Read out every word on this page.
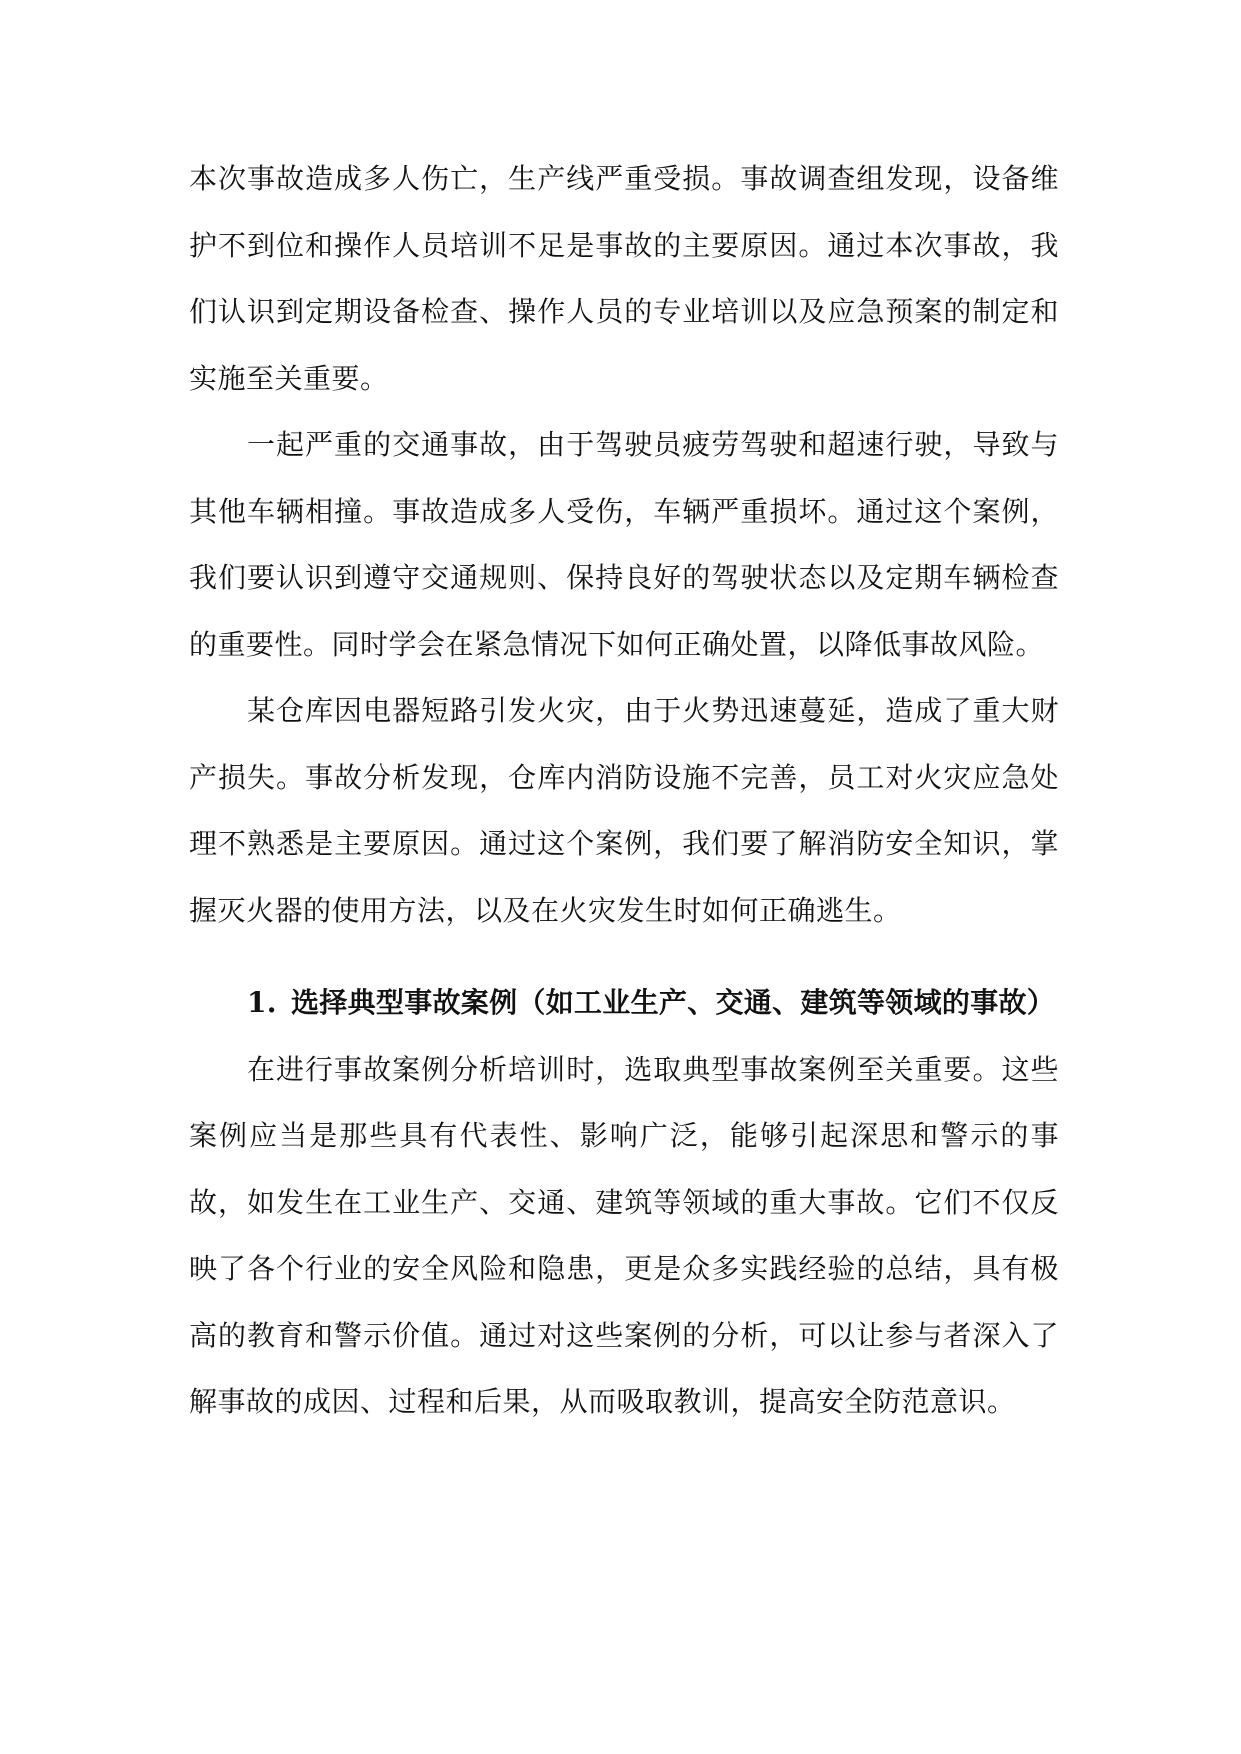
本次事故造成多人伤亡，生产线严重受损。事故调查组发现，设备维护不到位和操作人员培训不足是事故的主要原因。通过本次事故，我们认识到定期设备检查、操作人员的专业培训以及应急预案的制定和实施至关重要。

一起严重的交通事故，由于驾驶员疲劳驾驶和超速行驶，导致与其他车辆相撞。事故造成多人受伤，车辆严重损坏。通过这个案例，我们要认识到遵守交通规则、保持良好的驾驶状态以及定期车辆检查的重要性。同时学会在紧急情况下如何正确处置，以降低事故风险。

某仓库因电器短路引发火灾，由于火势迅速蔓延，造成了重大财产损失。事故分析发现，仓库内消防设施不完善，员工对火灾应急处理不熟悉是主要原因。通过这个案例，我们要了解消防安全知识，掌握灭火器的使用方法，以及在火灾发生时如何正确逃生。

1. 选择典型事故案例（如工业生产、交通、建筑等领域的事故）

在进行事故案例分析培训时，选取典型事故案例至关重要。这些案例应当是那些具有代表性、影响广泛，能够引起深思和警示的事故，如发生在工业生产、交通、建筑等领域的重大事故。它们不仅反映了各个行业的安全风险和隐患，更是众多实践经验的总结，具有极高的教育和警示价值。通过对这些案例的分析，可以让参与者深入了解事故的成因、过程和后果，从而吸取教训，提高安全防范意识。
